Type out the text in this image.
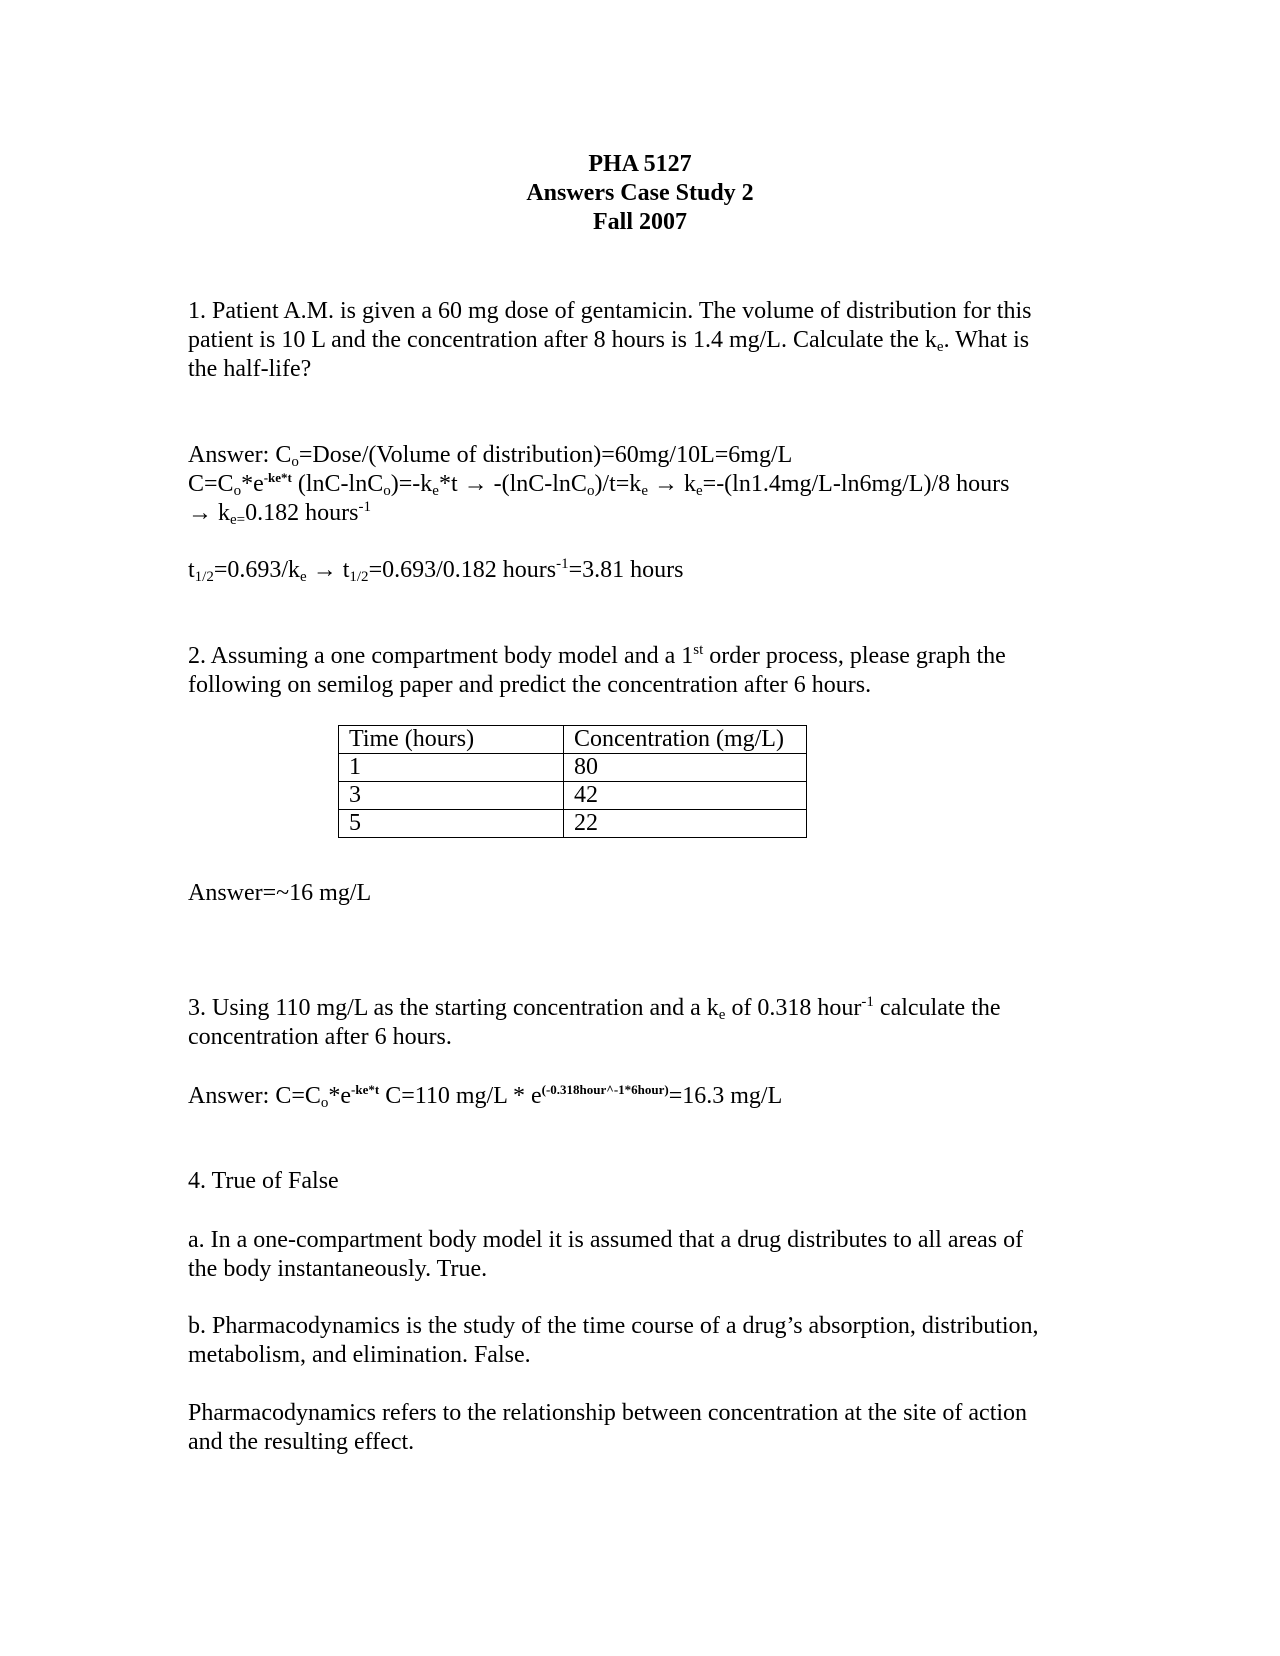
PHA 5127
Answers Case Study 2
Fall 2007
1. Patient A.M. is given a 60 mg dose of gentamicin. The volume of distribution for this
patient is 10 L and the concentration after 8 hours is 1.4 mg/L. Calculate the $k_e$. What is
the half-life?
Answer: $C_o=Dose/(Volume$ of distribution)=60mg/10L=6mg/L
$C=C_o*e^{-ke*t}$ $(\ln C-\ln C_o)=-k_e*t \to -(\ln C-\ln C_o)/t=k_e \to k_e=-(\ln 1.4mg/L-\ln 6mg/L)/8$ hours
→ $k_{e=}0.182$ hours$^{-1}$
$t_{1/2}=0.693/k_e \to t_{1/2}=0.693/0.182$ hours$^{-1}$=3.81 hours
2. Assuming a one compartment body model and a 1st order process, please graph the
following on semilog paper and predict the concentration after 6 hours.
Time (hours)	Concentration (mg/L)
1	80
3	42
5	22
Answer=~16 mg/L
3. Using 110 mg/L as the starting concentration and a $k_e$ of 0.318 hour$^{-1}$ calculate the
concentration after 6 hours.
Answer: $C=C_o*e^{-ke*t}$ C=110 $mg/L * e^{(-0.318hour\^{}-1*6hour)}=16.3$ mg/L
4. True of False
a. In a one-compartment body model it is assumed that a drug distributes to all areas of
the body instantaneously. True.
b. Pharmacodynamics is the study of the time course of a drug’s absorption, distribution,
metabolism, and elimination. False.
Pharmacodynamics refers to the relationship between concentration at the site of action
and the resulting effect.
